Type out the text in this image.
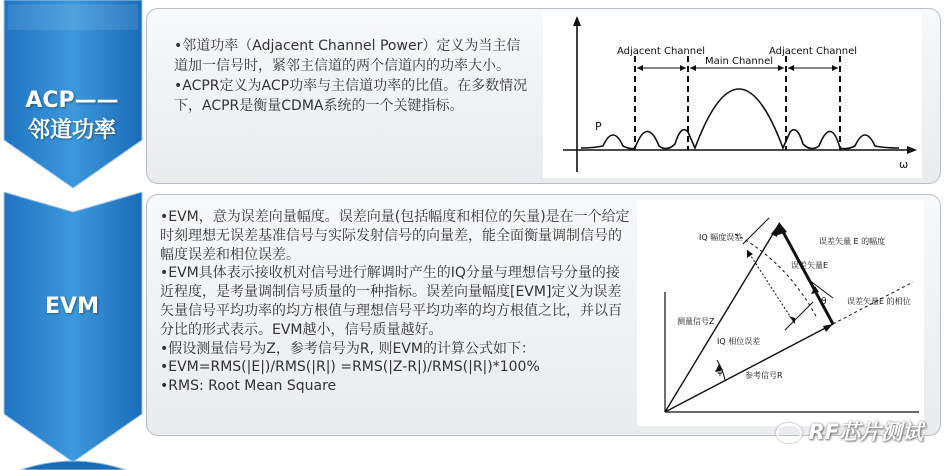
ACP——
邻道功率
EVM

•邻道功率（Adjacent Channel Power）定义为当主信道加一信号时，紧邻主信道的两个信道内的功率大小。

•ACPR定义为ACP功率与主信道功率的比值。在多数情况下，ACPR是衡量CDMA系统的一个关键指标。

P
ω
Adjacent Channel
Main Channel
Adjacent Channel

•EVM，意为误差向量幅度。误差向量(包括幅度和相位的矢量)是在一个给定时刻理想无误差基准信号与实际发射信号的向量差，能全面衡量调制信号的幅度误差和相位误差。

•EVM具体表示接收机对信号进行解调时产生的IQ分量与理想信号分量的接近程度，是考量调制信号质量的一种指标。误差向量幅度[EVM]定义为误差矢量信号平均功率的均方根值与理想信号平均功率的均方根值之比，并以百分比的形式表示。EVM越小，信号质量越好。

•假设测量信号为Z，参考信号为R, 则EVM的计算公式如下：

•EVM=RMS(|E|)/RMS(|R|) =RMS(|Z-R|)/RMS(|R|)*100%

•RMS: Root Mean Square

IQ 幅度误差	误差矢量 E 的幅度
误差矢量E
θ	误差矢量E 的相位
测量信号Z
IQ 相位误差
φ	参考信号R
RF芯片测试
